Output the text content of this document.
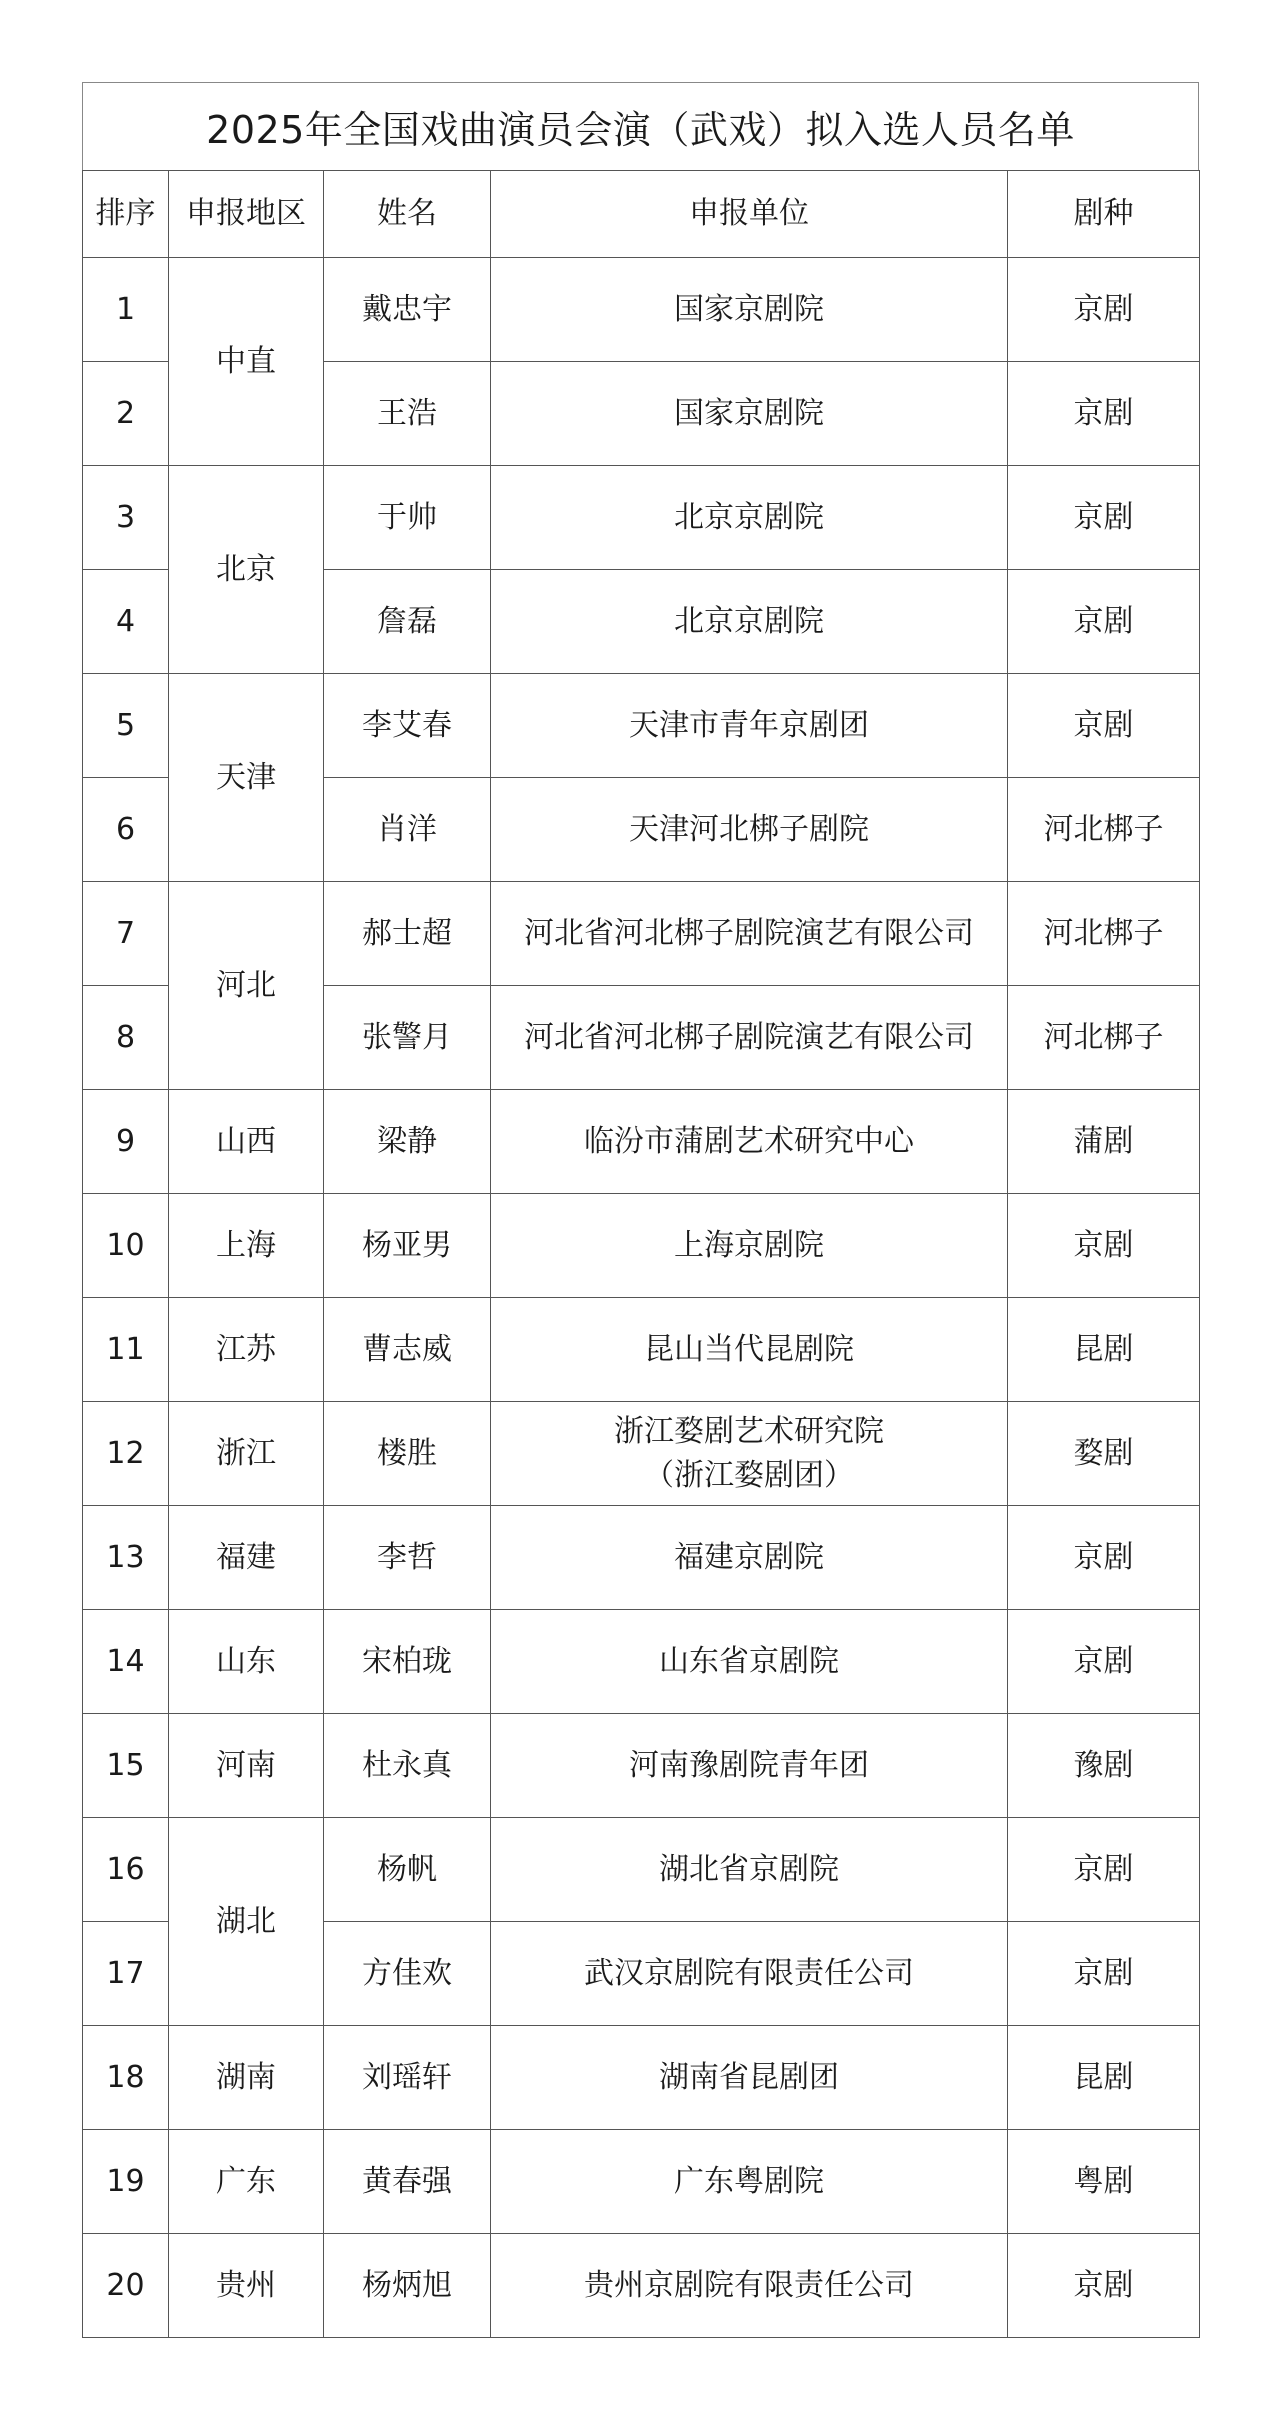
2025年全国戏曲演员会演（武戏）拟入选人员名单
排序	申报地区	姓名	申报单位	剧种
1	中直	戴忠宇	国家京剧院	京剧
2		王浩	国家京剧院	京剧
3	北京	于帅	北京京剧院	京剧
4		詹磊	北京京剧院	京剧
5	天津	李艾春	天津市青年京剧团	京剧
6		肖洋	天津河北梆子剧院	河北梆子
7	河北	郝士超	河北省河北梆子剧院演艺有限公司	河北梆子
8		张警月	河北省河北梆子剧院演艺有限公司	河北梆子
9	山西	梁静	临汾市蒲剧艺术研究中心	蒲剧
10	上海	杨亚男	上海京剧院	京剧
11	江苏	曹志威	昆山当代昆剧院	昆剧
12	浙江	楼胜	浙江婺剧艺术研究院
（浙江婺剧团）	婺剧
13	福建	李哲	福建京剧院	京剧
14	山东	宋柏珑	山东省京剧院	京剧
15	河南	杜永真	河南豫剧院青年团	豫剧
16	湖北	杨帆	湖北省京剧院	京剧
17		方佳欢	武汉京剧院有限责任公司	京剧
18	湖南	刘瑶轩	湖南省昆剧团	昆剧
19	广东	黄春强	广东粤剧院	粤剧
20	贵州	杨炳旭	贵州京剧院有限责任公司	京剧
